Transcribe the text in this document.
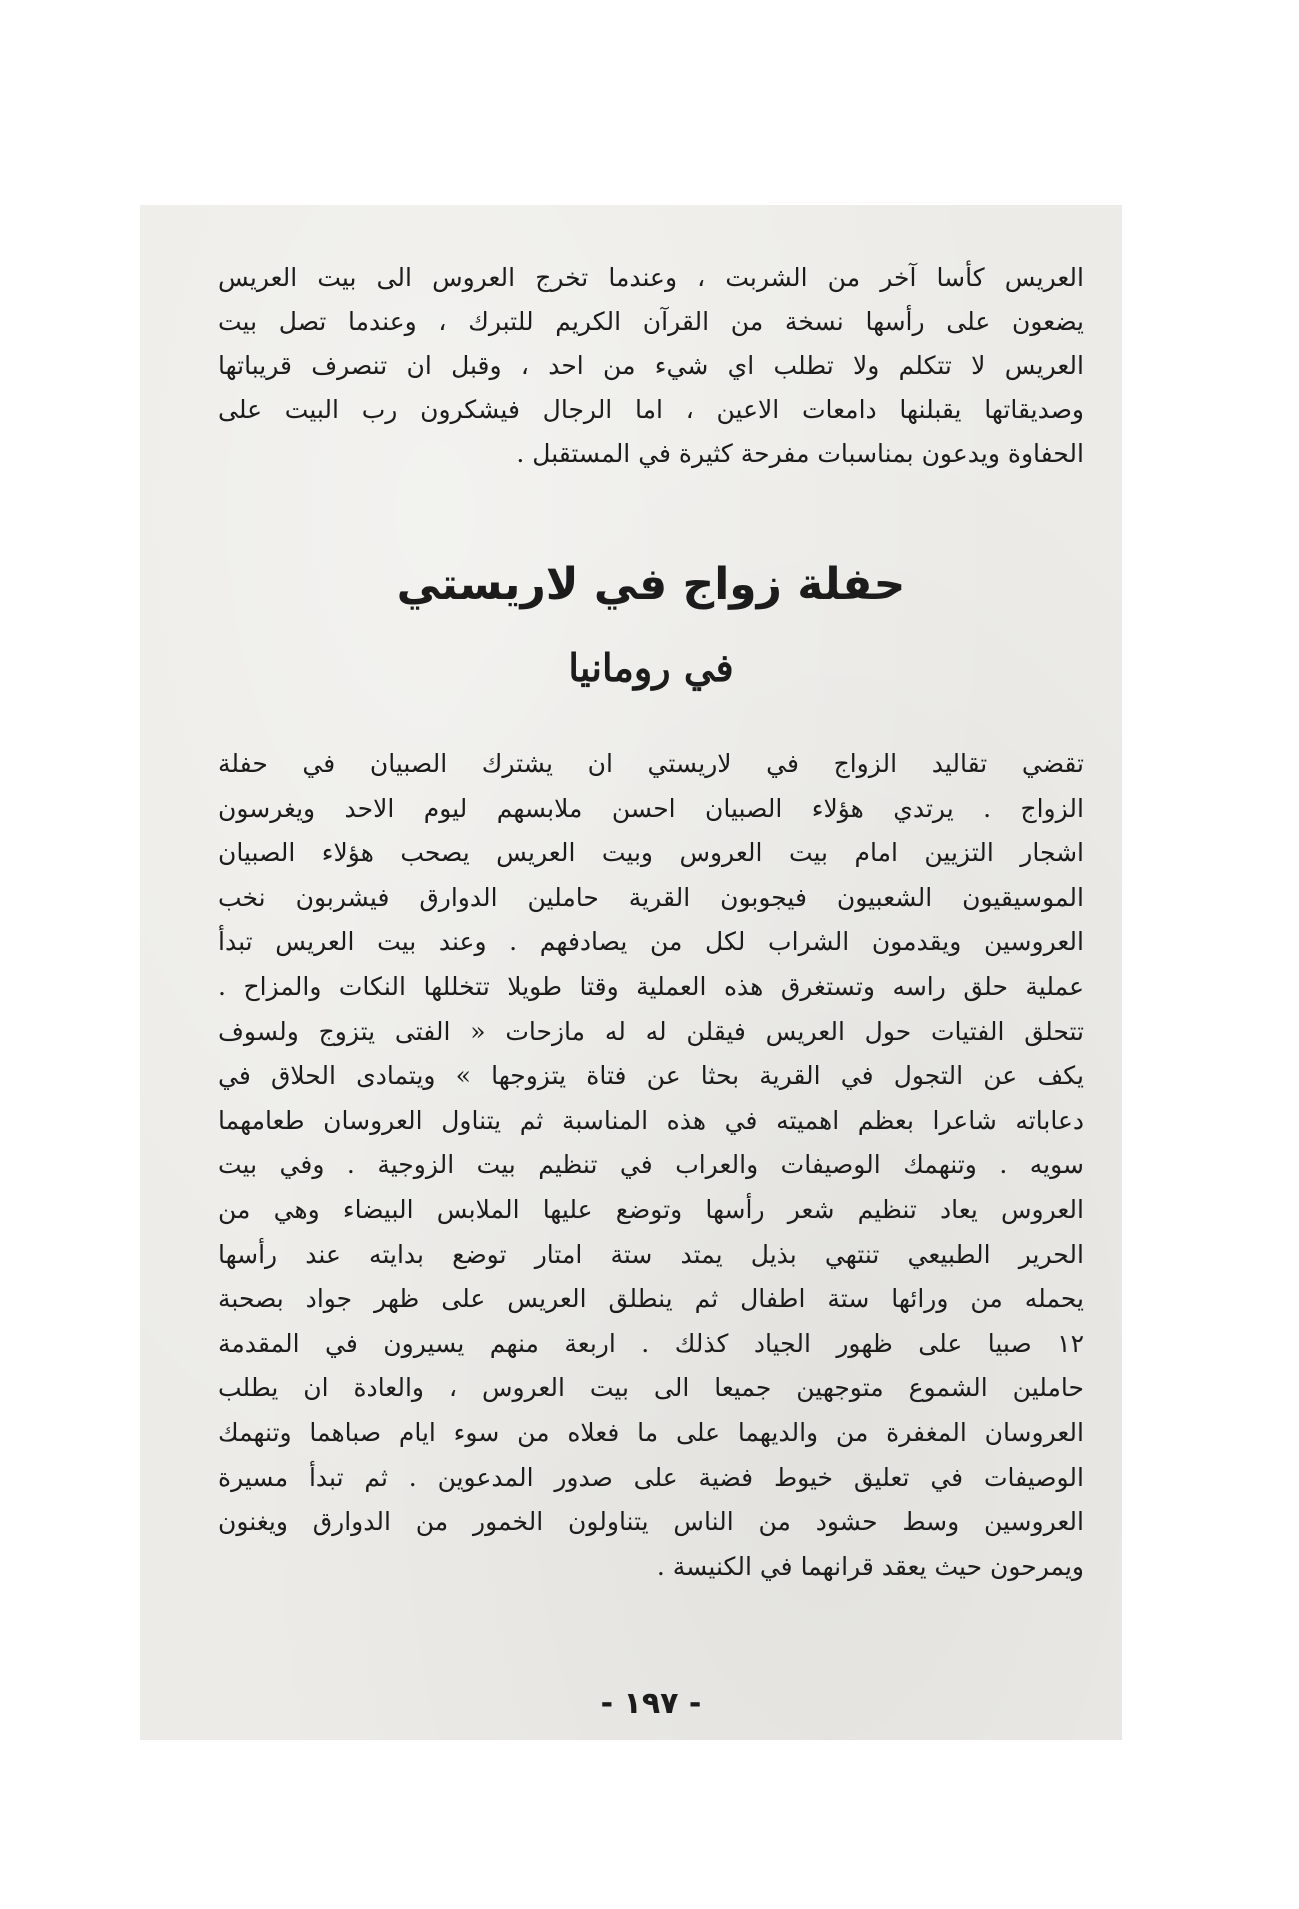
العريس كأسا آخر من الشربت ، وعندما تخرج العروس الى بيت العريس
يضعون على رأسها نسخة من القرآن الكريم للتبرك ، وعندما تصل بيت
العريس لا تتكلم ولا تطلب اي شيء من احد ، وقبل ان تنصرف قريباتها
وصديقاتها يقبلنها دامعات الاعين ، اما الرجال فيشكرون رب البيت على
الحفاوة ويدعون بمناسبات مفرحة كثيرة في المستقبل .
حفلة زواج في لاريستي
في رومانيا
تقضي تقاليد الزواج في لاريستي ان يشترك الصبيان في حفلة
الزواج . يرتدي هؤلاء الصبيان احسن ملابسهم ليوم الاحد ويغرسون
اشجار التزيين امام بيت العروس وبيت العريس يصحب هؤلاء الصبيان
الموسيقيون الشعبيون فيجوبون القرية حاملين الدوارق فيشربون نخب
العروسين ويقدمون الشراب لكل من يصادفهم . وعند بيت العريس تبدأ
عملية حلق راسه وتستغرق هذه العملية وقتا طويلا تتخللها النكات والمزاح .
تتحلق الفتيات حول العريس فيقلن له له مازحات « الفتى يتزوج ولسوف
يكف عن التجول في القرية بحثا عن فتاة يتزوجها » ويتمادى الحلاق في
دعاباته شاعرا بعظم اهميته في هذه المناسبة ثم يتناول العروسان طعامهما
سويه . وتنهمك الوصيفات والعراب في تنظيم بيت الزوجية . وفي بيت
العروس يعاد تنظيم شعر رأسها وتوضع عليها الملابس البيضاء وهي من
الحرير الطبيعي تنتهي بذيل يمتد ستة امتار توضع بدايته عند رأسها
يحمله من ورائها ستة اطفال ثم ينطلق العريس على ظهر جواد بصحبة
١٢ صبيا على ظهور الجياد كذلك . اربعة منهم يسيرون في المقدمة
حاملين الشموع متوجهين جميعا الى بيت العروس ، والعادة ان يطلب
العروسان المغفرة من والديهما على ما فعلاه من سوء ايام صباهما وتنهمك
الوصيفات في تعليق خيوط فضية على صدور المدعوين . ثم تبدأ مسيرة
العروسين وسط حشود من الناس يتناولون الخمور من الدوارق ويغنون
ويمرحون حيث يعقد قرانهما في الكنيسة .
- ١٩٧ -
